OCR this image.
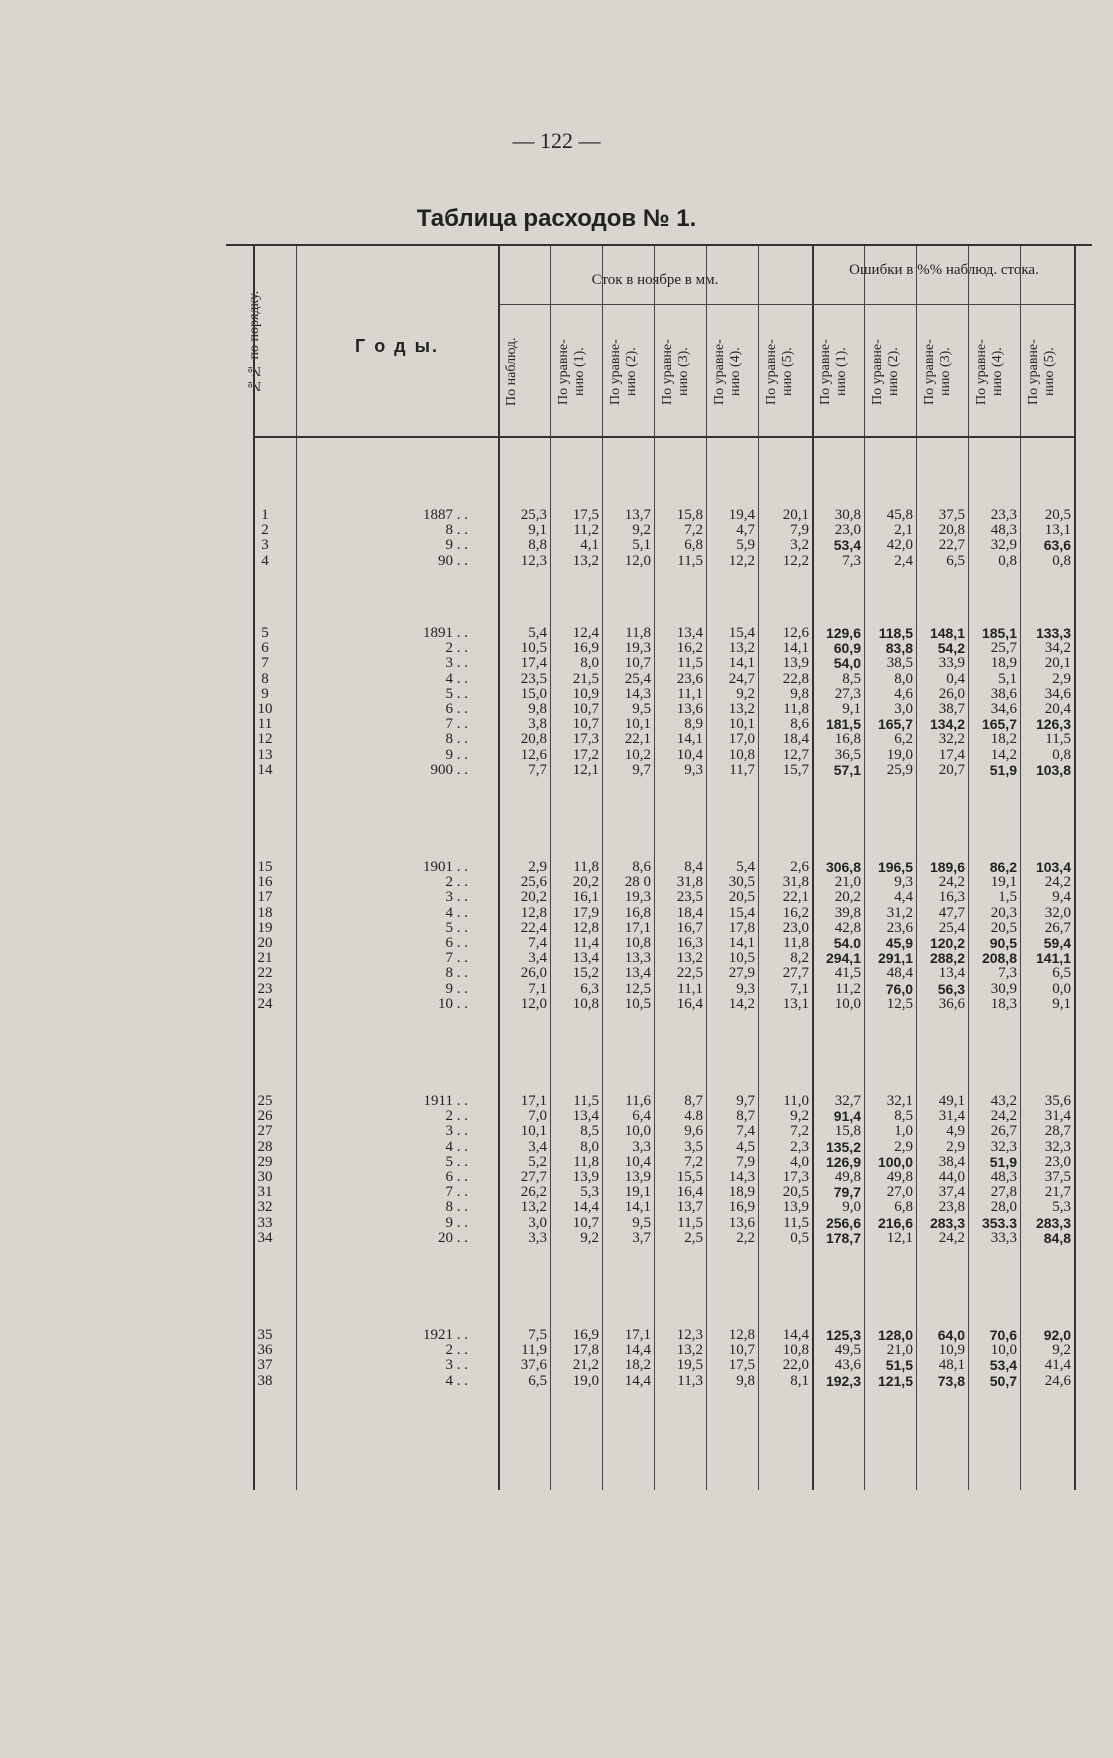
— 122 —
Таблица расходов № 1.
№№ по порядку.	Г о д ы.
Сток в ноябре в мм.
Ошибки в %% наблюд. стока.
По наблюд.	По уравне-
нию (1).
По уравне-
нию (2).
По уравне-
нию (3).
По уравне-
нию (4).
По уравне-
нию (5).
По уравне-
нию (1).
По уравне-
нию (2).
По уравне-
нию (3).
По уравне-
нию (4).
По уравне-
нию (5).
1	1887 . .	25,3	17,5	13,7	15,8	19,4	20,1	30,8	45,8	37,5	23,3	20,5
2	8 . .	9,1	11,2	9,2	7,2	4,7	7,9	23,0	2,1	20,8	48,3	13,1
3	9 . .	8,8	4,1	5,1	6,8	5,9	3,2	53,4	42,0	22,7	32,9	63,6
4	90 . .	12,3	13,2	12,0	11,5	12,2	12,2	7,3	2,4	6,5	0,8	0,8
5	1891 . .	5,4	12,4	11,8	13,4	15,4	12,6	129,6	118,5	148,1	185,1	133,3
6	2 . .	10,5	16,9	19,3	16,2	13,2	14,1	60,9	83,8	54,2	25,7	34,2
7	3 . .	17,4	8,0	10,7	11,5	14,1	13,9	54,0	38,5	33,9	18,9	20,1
8	4 . .	23,5	21,5	25,4	23,6	24,7	22,8	8,5	8,0	0,4	5,1	2,9
9	5 . .	15,0	10,9	14,3	11,1	9,2	9,8	27,3	4,6	26,0	38,6	34,6
10	6 . .	9,8	10,7	9,5	13,6	13,2	11,8	9,1	3,0	38,7	34,6	20,4
11	7 . .	3,8	10,7	10,1	8,9	10,1	8,6	181,5	165,7	134,2	165,7	126,3
12	8 . .	20,8	17,3	22,1	14,1	17,0	18,4	16,8	6,2	32,2	18,2	11,5
13	9 . .	12,6	17,2	10,2	10,4	10,8	12,7	36,5	19,0	17,4	14,2	0,8
14	900 . .	7,7	12,1	9,7	9,3	11,7	15,7	57,1	25,9	20,7	51,9	103,8
15	1901 . .	2,9	11,8	8,6	8,4	5,4	2,6	306,8	196,5	189,6	86,2	103,4
16	2 . .	25,6	20,2	28 0	31,8	30,5	31,8	21,0	9,3	24,2	19,1	24,2
17	3 . .	20,2	16,1	19,3	23,5	20,5	22,1	20,2	4,4	16,3	1,5	9,4
18	4 . .	12,8	17,9	16,8	18,4	15,4	16,2	39,8	31,2	47,7	20,3	32,0
19	5 . .	22,4	12,8	17,1	16,7	17,8	23,0	42,8	23,6	25,4	20,5	26,7
20	6 . .	7,4	11,4	10,8	16,3	14,1	11,8	54.0	45,9	120,2	90,5	59,4
21	7 . .	3,4	13,4	13,3	13,2	10,5	8,2	294,1	291,1	288,2	208,8	141,1
22	8 . .	26,0	15,2	13,4	22,5	27,9	27,7	41,5	48,4	13,4	7,3	6,5
23	9 . .	7,1	6,3	12,5	11,1	9,3	7,1	11,2	76,0	56,3	30,9	0,0
24	10 . .	12,0	10,8	10,5	16,4	14,2	13,1	10,0	12,5	36,6	18,3	9,1
25	1911 . .	17,1	11,5	11,6	8,7	9,7	11,0	32,7	32,1	49,1	43,2	35,6
26	2 . .	7,0	13,4	6,4	4.8	8,7	9,2	91,4	8,5	31,4	24,2	31,4
27	3 . .	10,1	8,5	10,0	9,6	7,4	7,2	15,8	1,0	4,9	26,7	28,7
28	4 . .	3,4	8,0	3,3	3,5	4,5	2,3	135,2	2,9	2,9	32,3	32,3
29	5 . .	5,2	11,8	10,4	7,2	7,9	4,0	126,9	100,0	38,4	51,9	23,0
30	6 . .	27,7	13,9	13,9	15,5	14,3	17,3	49,8	49,8	44,0	48,3	37,5
31	7 . .	26,2	5,3	19,1	16,4	18,9	20,5	79,7	27,0	37,4	27,8	21,7
32	8 . .	13,2	14,4	14,1	13,7	16,9	13,9	9,0	6,8	23,8	28,0	5,3
33	9 . .	3,0	10,7	9,5	11,5	13,6	11,5	256,6	216,6	283,3	353.3	283,3
34	20 . .	3,3	9,2	3,7	2,5	2,2	0,5	178,7	12,1	24,2	33,3	84,8
35	1921 . .	7,5	16,9	17,1	12,3	12,8	14,4	125,3	128,0	64,0	70,6	92,0
36	2 . .	11,9	17,8	14,4	13,2	10,7	10,8	49,5	21,0	10,9	10,0	9,2
37	3 . .	37,6	21,2	18,2	19,5	17,5	22,0	43,6	51,5	48,1	53,4	41,4
38	4 . .	6,5	19,0	14,4	11,3	9,8	8,1	192,3	121,5	73,8	50,7	24,6
